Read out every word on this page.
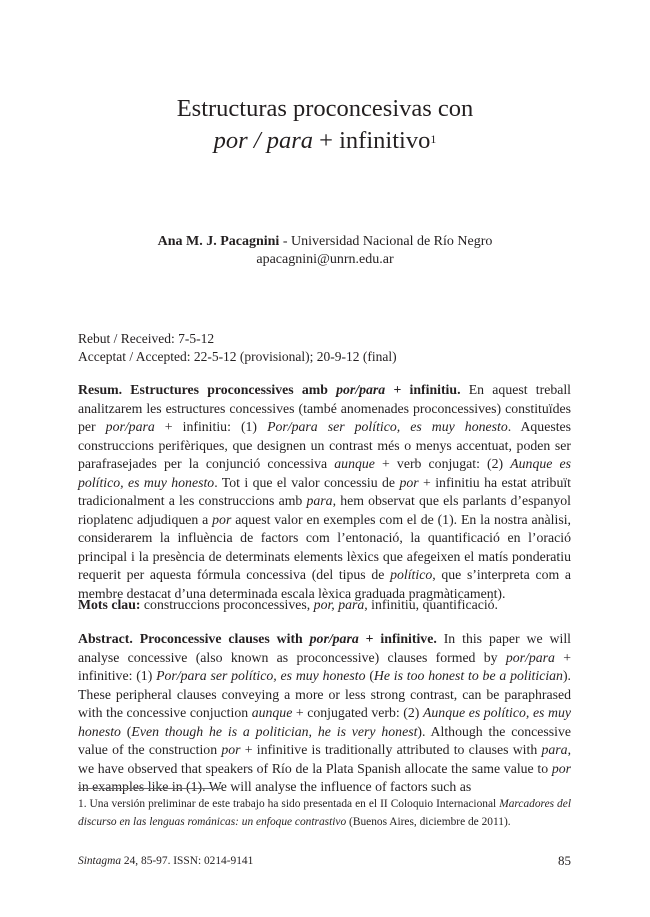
Estructuras proconcesivas con
por / para + infinitivo$^1$
Ana M. J. Pacagnini - Universidad Nacional de Río Negro
apacagnini@unrn.edu.ar
Rebut / Received: 7-5-12
Acceptat / Accepted: 22-5-12 (provisional); 20-9-12 (final)
Resum. Estructures proconcessives amb por/para + infinitiu. En aquest treball analitzarem les estructures concessives (també anomenades proconcessives) constituïdes per por/para + infinitiu: (1) Por/para ser político, es muy honesto. Aquestes construccions perifèriques, que designen un contrast més o menys accentuat, poden ser parafrasejades per la conjunció concessiva aunque + verb conjugat: (2) Aunque es político, es muy honesto. Tot i que el valor concessiu de por + infinitiu ha estat atribuït tradicionalment a les construccions amb para, hem observat que els parlants d’espanyol rioplatenc adjudiquen a por aquest valor en exemples com el de (1). En la nostra anàlisi, considerarem la influència de factors com l’entonació, la quantificació en l’oració principal i la presència de determinats elements lèxics que afegeixen el matís ponderatiu requerit per aquesta fórmula concessiva (del tipus de político, que s’interpreta com a membre destacat d’una determinada escala lèxica graduada pragmàticament).
Mots clau: construccions proconcessives, por, para, infinitiu, quantificació.
Abstract. Proconcessive clauses with por/para + infinitive. In this paper we will analyse concessive (also known as proconcessive) clauses formed by por/para + infinitive: (1) Por/para ser político, es muy honesto (He is too honest to be a politician). These peripheral clauses conveying a more or less strong contrast, can be paraphrased with the concessive conjuction aunque + conjugated verb: (2) Aunque es político, es muy honesto (Even though he is a politician, he is very honest). Although the concessive value of the construction por + infinitive is traditionally attributed to clauses with para, we have observed that speakers of Río de la Plata Spanish allocate the same value to por in examples like in (1). We will analyse the influence of factors such as
1. Una versión preliminar de este trabajo ha sido presentada en el II Coloquio Internacional Marcadores del discurso en las lenguas románicas: un enfoque contrastivo (Buenos Aires, diciembre de 2011).
Sintagma 24, 85-97. ISSN: 0214-9141	85
